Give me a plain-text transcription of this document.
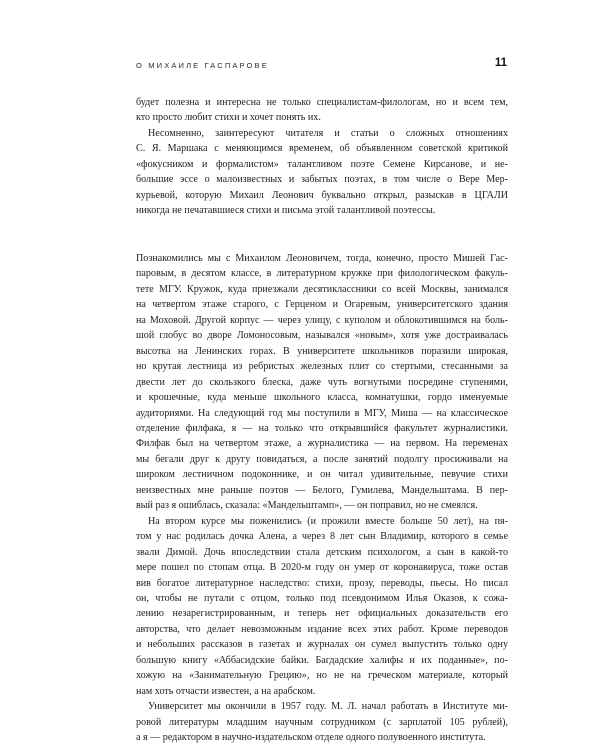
О МИХАИЛЕ ГАСПАРОВЕ	11
будет полезна и интересна не только специалистам-филологам, но и всем тем,
кто просто любит стихи и хочет понять их.
Несомненно, заинтересуют читателя и статьи о сложных отношениях
С. Я. Маршака с меняющимся временем, об объявленном советской критикой
«фокусником и формалистом» талантливом поэте Семене Кирсанове, и не-
большие эссе о малоизвестных и забытых поэтах, в том числе о Вере Мер-
курьевой, которую Михаил Леонович буквально открыл, разыскав в ЦГАЛИ
никогда не печатавшиеся стихи и письма этой талантливой поэтессы.
Познакомились мы с Михаилом Леоновичем, тогда, конечно, просто Мишей Гас-
паровым, в десятом классе, в литературном кружке при филологическом факуль-
тете МГУ. Кружок, куда приезжали десятиклассники со всей Москвы, занимался
на четвертом этаже старого, с Герценом и Огаревым, университетского здания
на Моховой. Другой корпус — через улицу, с куполом и облокотившимся на боль-
шой глобус во дворе Ломоносовым, назывался «новым», хотя уже достраивалась
высотка на Ленинских горах. В университете школьников поразили широкая,
но крутая лестница из ребристых железных плит со стертыми, стесанными за
двести лет до скользкого блеска, даже чуть вогнутыми посредине ступенями,
и крошечные, куда меньше школьного класса, комнатушки, гордо именуемые
аудиториями. На следующий год мы поступили в МГУ, Миша — на классическое
отделение филфака, я — на только что открывшийся факультет журналистики.
Филфак был на четвертом этаже, а журналистика — на первом. На переменах
мы бегали друг к другу повидаться, а после занятий подолгу просиживали на
широком лестничном подоконнике, и он читал удивительные, певучие стихи
неизвестных мне раньше поэтов — Белого, Гумилева, Мандельштама. В пер-
вый раз я ошиблась, сказала: «Мандельштамп», — он поправил, но не смеялся.
На втором курсе мы поженились (и прожили вместе больше 50 лет), на пя-
том у нас родилась дочка Алена, а через 8 лет сын Владимир, которого в семье
звали Димой. Дочь впоследствии стала детским психологом, а сын в какой-то
мере пошел по стопам отца. В 2020-м году он умер от коронавируса, тоже остав
вив богатое литературное наследство: стихи, прозу, переводы, пьесы. Но писал
он, чтобы не путали с отцом, только под псевдонимом Илья Оказов, к сожа-
лению незарегистрированным, и теперь нет официальных доказательств его
авторства, что делает невозможным издание всех этих работ. Кроме переводов
и небольших рассказов в газетах и журналах он сумел выпустить только одну
большую книгу «Аббасидские байки. Багдадские халифы и их поданные», по-
хожую на «Занимательную Грецию», но не на греческом материале, который
нам хоть отчасти известен, а на арабском.
Университет мы окончили в 1957 году. М. Л. начал работать в Институте ми-
ровой литературы младшим научным сотрудником (с зарплатой 105 рублей),
а я — редактором в научно-издательском отделе одного полувоенного института.
